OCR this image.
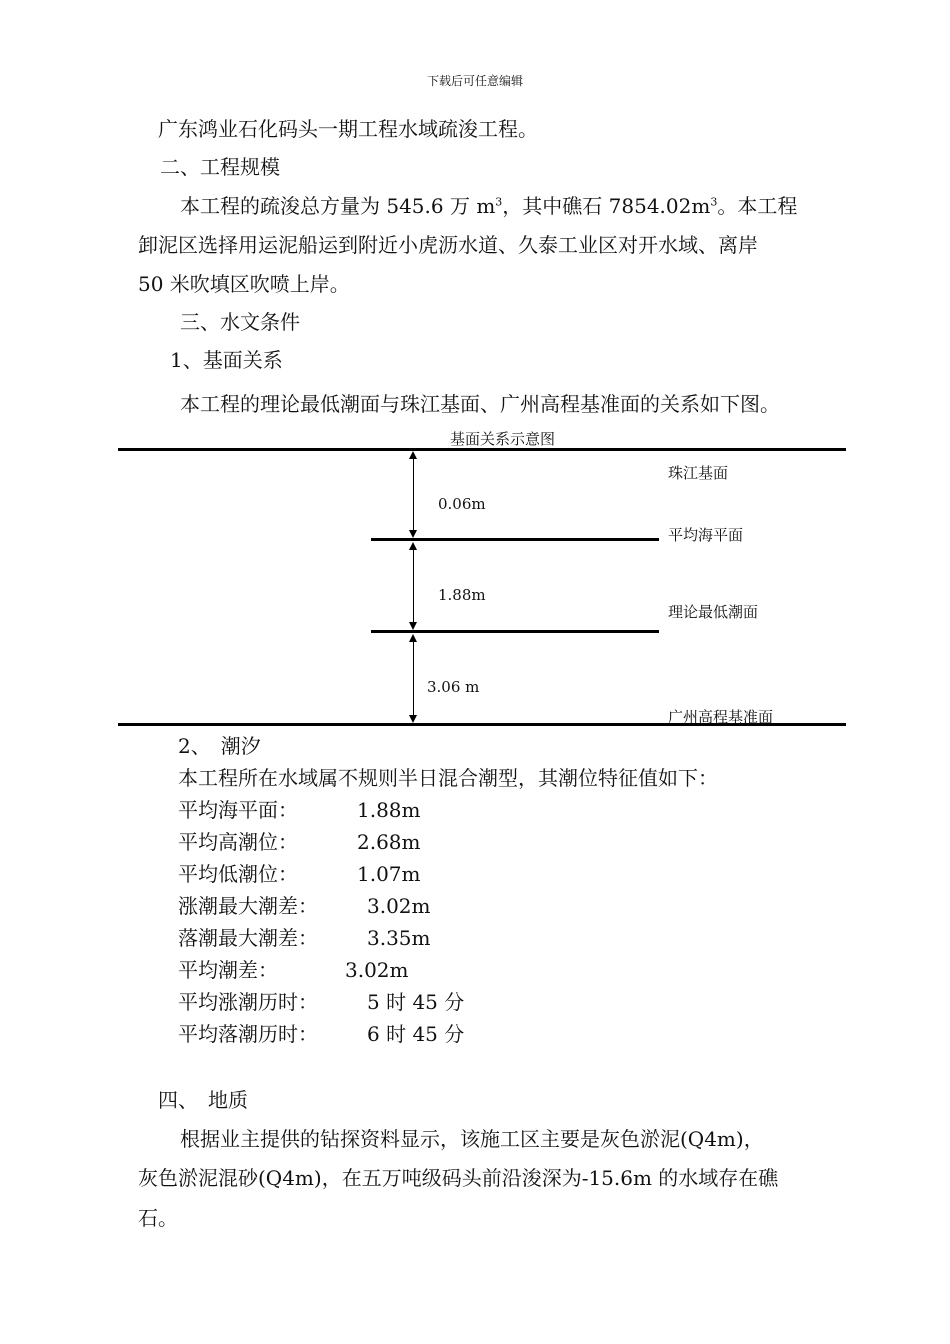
下载后可任意编辑
广东鸿业石化码头一期工程水域疏浚工程。
二、工程规模
本工程的疏浚总方量为 545.6 万 $m^3$，其中礁石 $7854.02m^3$。本工程
卸泥区选择用运泥船运到附近小虎沥水道、久泰工业区对开水域、离岸
50 米吹填区吹喷上岸。
三、水文条件
1、基面关系
本工程的理论最低潮面与珠江基面、广州高程基准面的关系如下图。
基面关系示意图
0.06m
1.88m
3.06 m
珠江基面
平均海平面
理论最低潮面
广州高程基准面
2、　潮汐
本工程所在水域属不规则半日混合潮型，其潮位特征值如下：
平均海平面：	1.88m
平均高潮位：	2.68m
平均低潮位：	1.07m
涨潮最大潮差： 3.02m
落潮最大潮差： 3.35m
平均潮差：	3.02m
平均涨潮历时： 5 时 45 分
平均落潮历时： 6 时 45 分
四、　地质
根据业主提供的钻探资料显示，该施工区主要是灰色淤泥(Q4m)，
灰色淤泥混砂(Q4m)，在五万吨级码头前沿浚深为-15.6m 的水域存在礁
石。
